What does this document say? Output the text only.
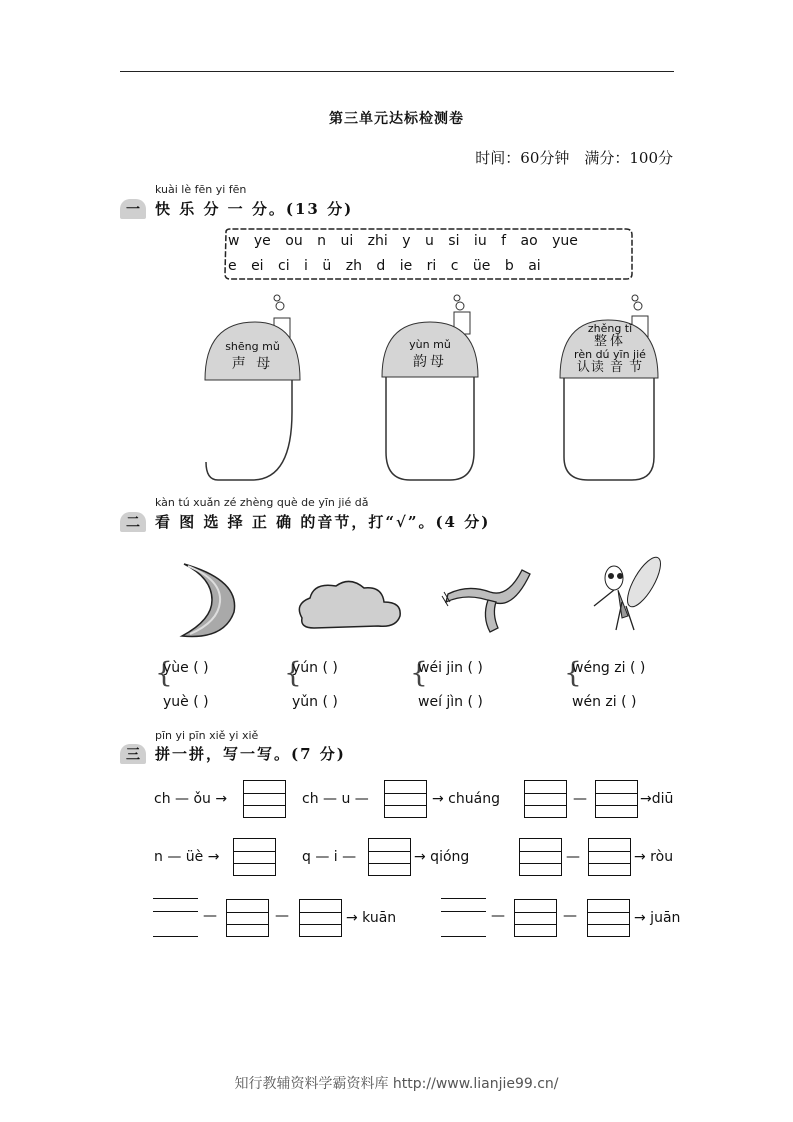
第三单元达标检测卷
时间：60分钟　满分：100分
kuài lè fēn yi fēn
一	快 乐 分 一 分。(13 分)
w ye ou n ui zhi y u si iu f ao yue
e ei ci i ü zh d ie ri c üe b ai
shēng mǔ
声 母
yùn mǔ
韵母
zhěng tǐ
整体
rèn dú yīn jié
认读 音 节
kàn tú xuǎn zé zhèng què de yīn jié dǎ
二	看 图 选 择 正 确 的音节，打“√”。(4 分)
{
yùe ( )
yuè ( )
{
yún ( )
yǔn ( )
{
wéi jin ( )
weí jìn ( )
{
wéng zi ( )
wén zi ( )
pīn yi pīn xiě yi xiě
三	拼一拼，写一写。(7 分)
ch — ǒu →	ch — u —	→ chuáng	—	→diū
n — üè →	q — i —	→ qióng	—	→ ròu
—	—	→ kuān	—	—	→ juān
知行教辅资料学霸资料库 http://www.lianjie99.cn/
